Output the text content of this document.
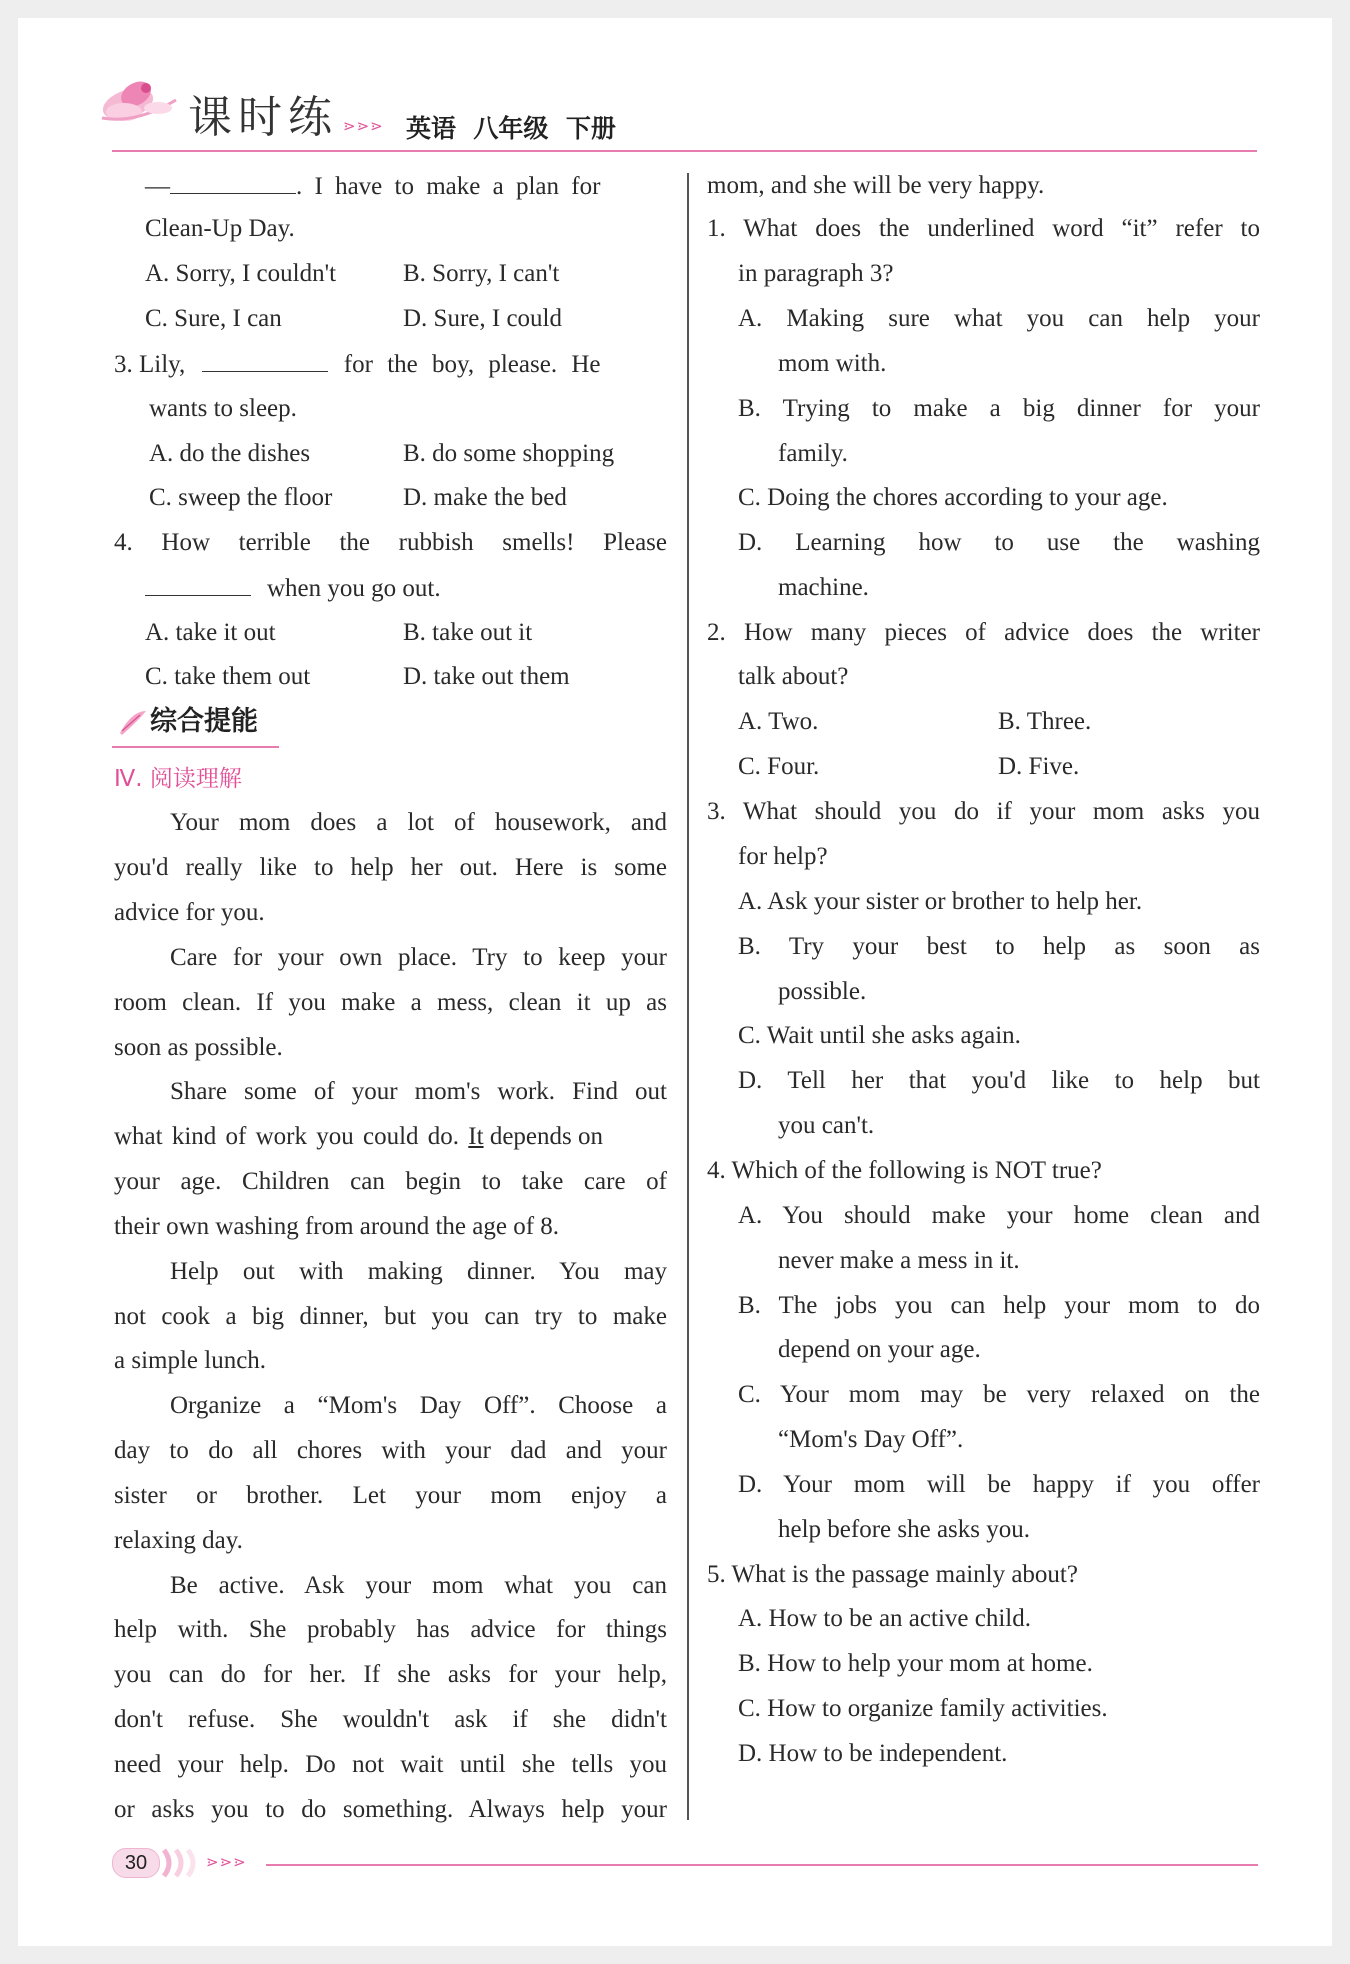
课时练 ⋗⋗⋗ 英语  八年级  下册
—	. I have to make a plan for
Clean-Up Day.
A. Sorry, I couldn't	B. Sorry, I can't
C. Sure, I can	D. Sure, I could
3. Lily,	for the boy, please. He
wants to sleep.
A. do the dishes	B. do some shopping
C. sweep the floor	D. make the bed
4. How terrible the rubbish smells! Please
when you go out.
A. take it out	B. take out it
C. take them out	D. take out them
综合提能
Ⅳ. 阅读理解
Your mom does a lot of housework, and
you'd really like to help her out. Here is some
advice for you.
Care for your own place. Try to keep your
room clean. If you make a mess, clean it up as
soon as possible.
Share some of your mom's work. Find out
what kind of work you could do. It depends on
your age. Children can begin to take care of
their own washing from around the age of 8.
Help out with making dinner. You may
not cook a big dinner, but you can try to make
a simple lunch.
Organize a “Mom's Day Off”. Choose a
day to do all chores with your dad and your
sister or brother. Let your mom enjoy a
relaxing day.
Be active. Ask your mom what you can
help with. She probably has advice for things
you can do for her. If she asks for your help,
don't refuse. She wouldn't ask if she didn't
need your help. Do not wait until she tells you
or asks you to do something. Always help your
mom, and she will be very happy.
1. What does the underlined word “it” refer to
in paragraph 3?
A. Making sure what you can help your
mom with.
B. Trying to make a big dinner for your
family.
C. Doing the chores according to your age.
D. Learning how to use the washing
machine.
2. How many pieces of advice does the writer
talk about?
A. Two.	B. Three.
C. Four.	D. Five.
3. What should you do if your mom asks you
for help?
A. Ask your sister or brother to help her.
B. Try your best to help as soon as
possible.
C. Wait until she asks again.
D. Tell her that you'd like to help but
you can't.
4. Which of the following is NOT true?
A. You should make your home clean and
never make a mess in it.
B. The jobs you can help your mom to do
depend on your age.
C. Your mom may be very relaxed on the
“Mom's Day Off”.
D. Your mom will be happy if you offer
help before she asks you.
5. What is the passage mainly about?
A. How to be an active child.
B. How to help your mom at home.
C. How to organize family activities.
D. How to be independent.
30	⋗⋗⋗
